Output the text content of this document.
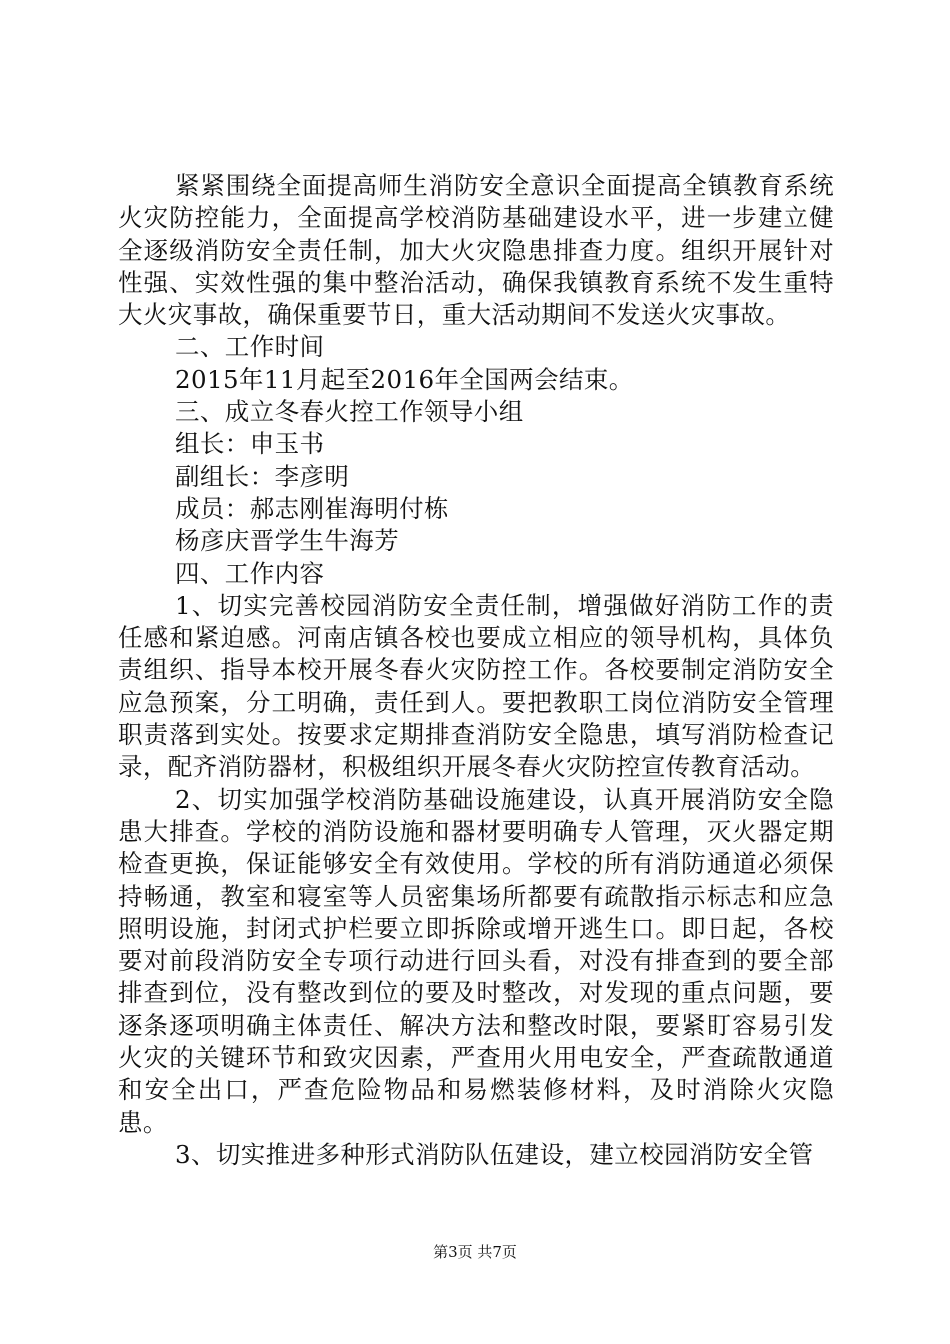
紧紧围绕全面提高师生消防安全意识全面提高全镇教育系统火灾防控能力，全面提高学校消防基础建设水平，进一步建立健全逐级消防安全责任制，加大火灾隐患排查力度。组织开展针对性强、实效性强的集中整治活动，确保我镇教育系统不发生重特大火灾事故，确保重要节日，重大活动期间不发送火灾事故。

二、工作时间

2015年11月起至2016年全国两会结束。

三、成立冬春火控工作领导小组

组长：申玉书

副组长：李彦明

成员：郝志刚崔海明付栋

杨彦庆晋学生牛海芳

四、工作内容

1、切实完善校园消防安全责任制，增强做好消防工作的责任感和紧迫感。河南店镇各校也要成立相应的领导机构，具体负责组织、指导本校开展冬春火灾防控工作。各校要制定消防安全应急预案，分工明确，责任到人。要把教职工岗位消防安全管理职责落到实处。按要求定期排查消防安全隐患，填写消防检查记录，配齐消防器材，积极组织开展冬春火灾防控宣传教育活动。

2、切实加强学校消防基础设施建设，认真开展消防安全隐患大排查。学校的消防设施和器材要明确专人管理，灭火器定期检查更换，保证能够安全有效使用。学校的所有消防通道必须保持畅通，教室和寝室等人员密集场所都要有疏散指示标志和应急照明设施，封闭式护栏要立即拆除或增开逃生口。即日起，各校要对前段消防安全专项行动进行回头看，对没有排查到的要全部排查到位，没有整改到位的要及时整改，对发现的重点问题，要逐条逐项明确主体责任、解决方法和整改时限，要紧盯容易引发火灾的关键环节和致灾因素，严查用火用电安全，严查疏散通道和安全出口，严查危险物品和易燃装修材料，及时消除火灾隐患。

3、切实推进多种形式消防队伍建设，建立校园消防安全管

第3页 共7页
